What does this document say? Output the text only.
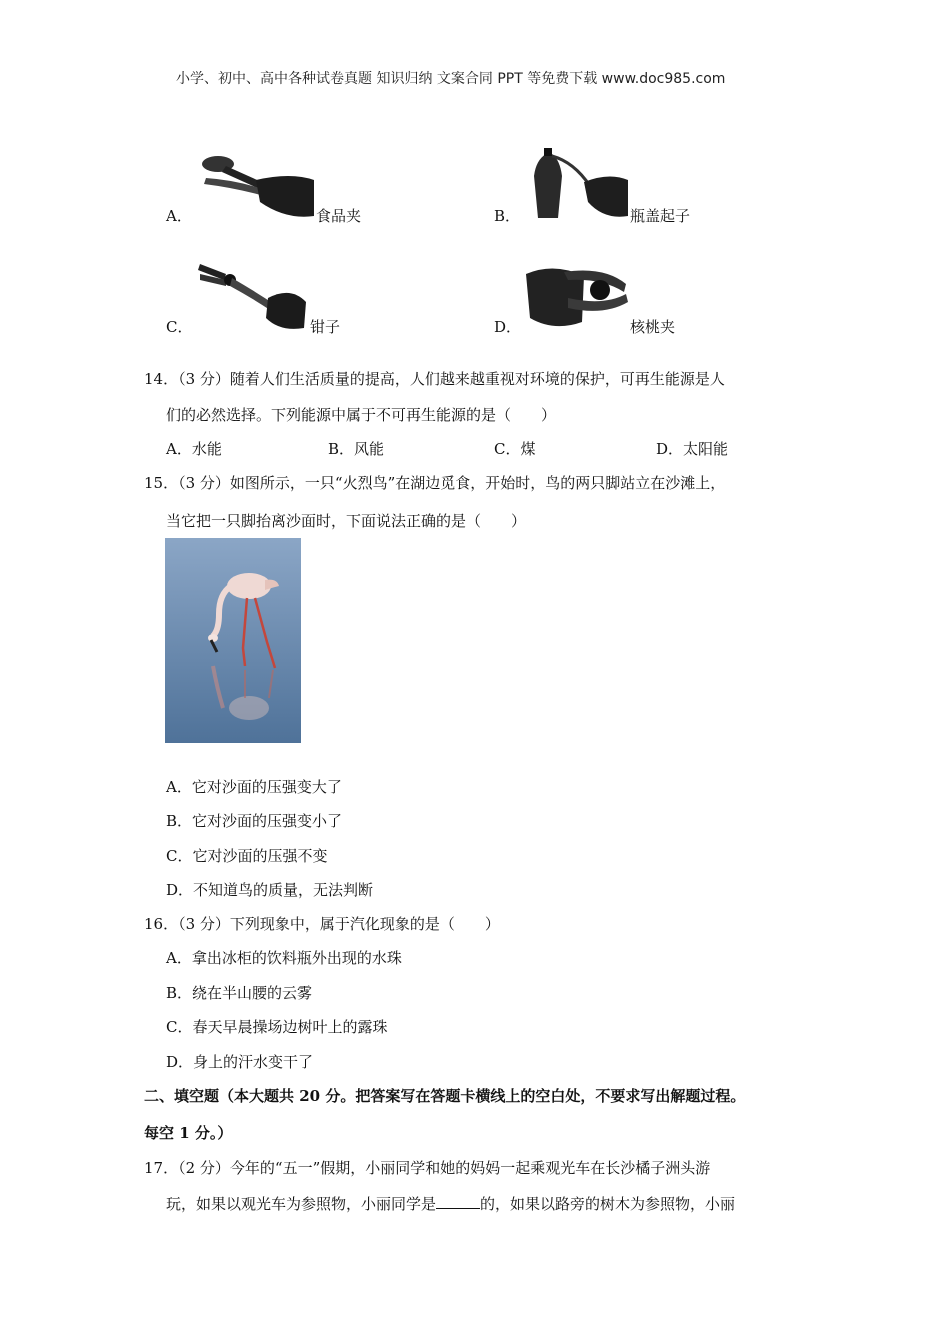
小学、初中、高中各种试卷真题 知识归纳 文案合同 PPT 等免费下载 www.doc985.com
A．	食品夹	B．	瓶盖起子
C．	钳子	D．	核桃夹
14．（3 分）随着人们生活质量的提高，人们越来越重视对环境的保护，可再生能源是人
们的必然选择。下列能源中属于不可再生能源的是（　　）
A．水能	B．风能	C．煤	D．太阳能
15．（3 分）如图所示，一只“火烈鸟”在湖边觅食，开始时，鸟的两只脚站立在沙滩上，
当它把一只脚抬离沙面时，下面说法正确的是（　　）
A．它对沙面的压强变大了
B．它对沙面的压强变小了
C．它对沙面的压强不变
D．不知道鸟的质量，无法判断
16．（3 分）下列现象中，属于汽化现象的是（　　）
A．拿出冰柜的饮料瓶外出现的水珠
B．绕在半山腰的云雾
C．春天早晨操场边树叶上的露珠
D．身上的汗水变干了
二、填空题（本大题共 20 分。把答案写在答题卡横线上的空白处，不要求写出解题过程。
每空 1 分。）
17．（2 分）今年的“五一”假期，小丽同学和她的妈妈一起乘观光车在长沙橘子洲头游
玩，如果以观光车为参照物，小丽同学是	的，如果以路旁的树木为参照物，小丽
